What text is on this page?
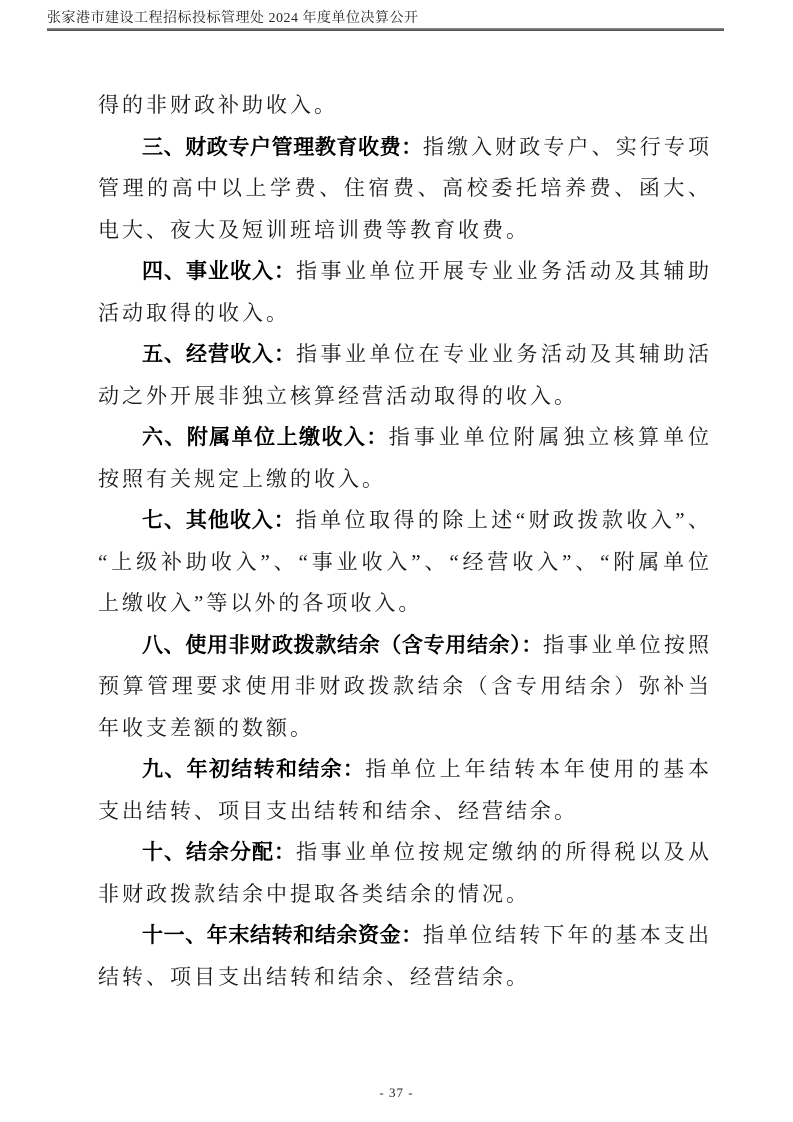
张家港市建设工程招标投标管理处 2024 年度单位决算公开

得的非财政补助收入。

三、财政专户管理教育收费：指缴入财政专户、实行专项管理的高中以上学费、住宿费、高校委托培养费、函大、电大、夜大及短训班培训费等教育收费。

四、事业收入：指事业单位开展专业业务活动及其辅助活动取得的收入。

五、经营收入：指事业单位在专业业务活动及其辅助活动之外开展非独立核算经营活动取得的收入。

六、附属单位上缴收入：指事业单位附属独立核算单位按照有关规定上缴的收入。

七、其他收入：指单位取得的除上述“财政拨款收入”、“上级补助收入”、“事业收入”、“经营收入”、“附属单位上缴收入”等以外的各项收入。

八、使用非财政拨款结余（含专用结余）：指事业单位按照预算管理要求使用非财政拨款结余（含专用结余）弥补当年收支差额的数额。

九、年初结转和结余：指单位上年结转本年使用的基本支出结转、项目支出结转和结余、经营结余。

十、结余分配：指事业单位按规定缴纳的所得税以及从非财政拨款结余中提取各类结余的情况。

十一、年末结转和结余资金：指单位结转下年的基本支出结转、项目支出结转和结余、经营结余。

- 37 -
